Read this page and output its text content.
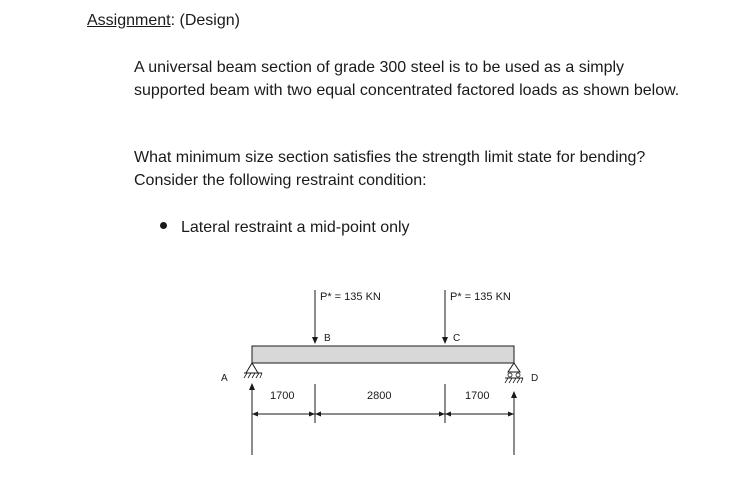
Assignment: (Design)

A universal beam section of grade 300 steel is to be used as a simply supported beam with two equal concentrated factored loads as shown below.

What minimum size section satisfies the strength limit state for bending? Consider the following restraint condition:

Lateral restraint a mid-point only
P* = 135 KN
B
P* = 135 KN
C
A	D
1700	2800	1700
